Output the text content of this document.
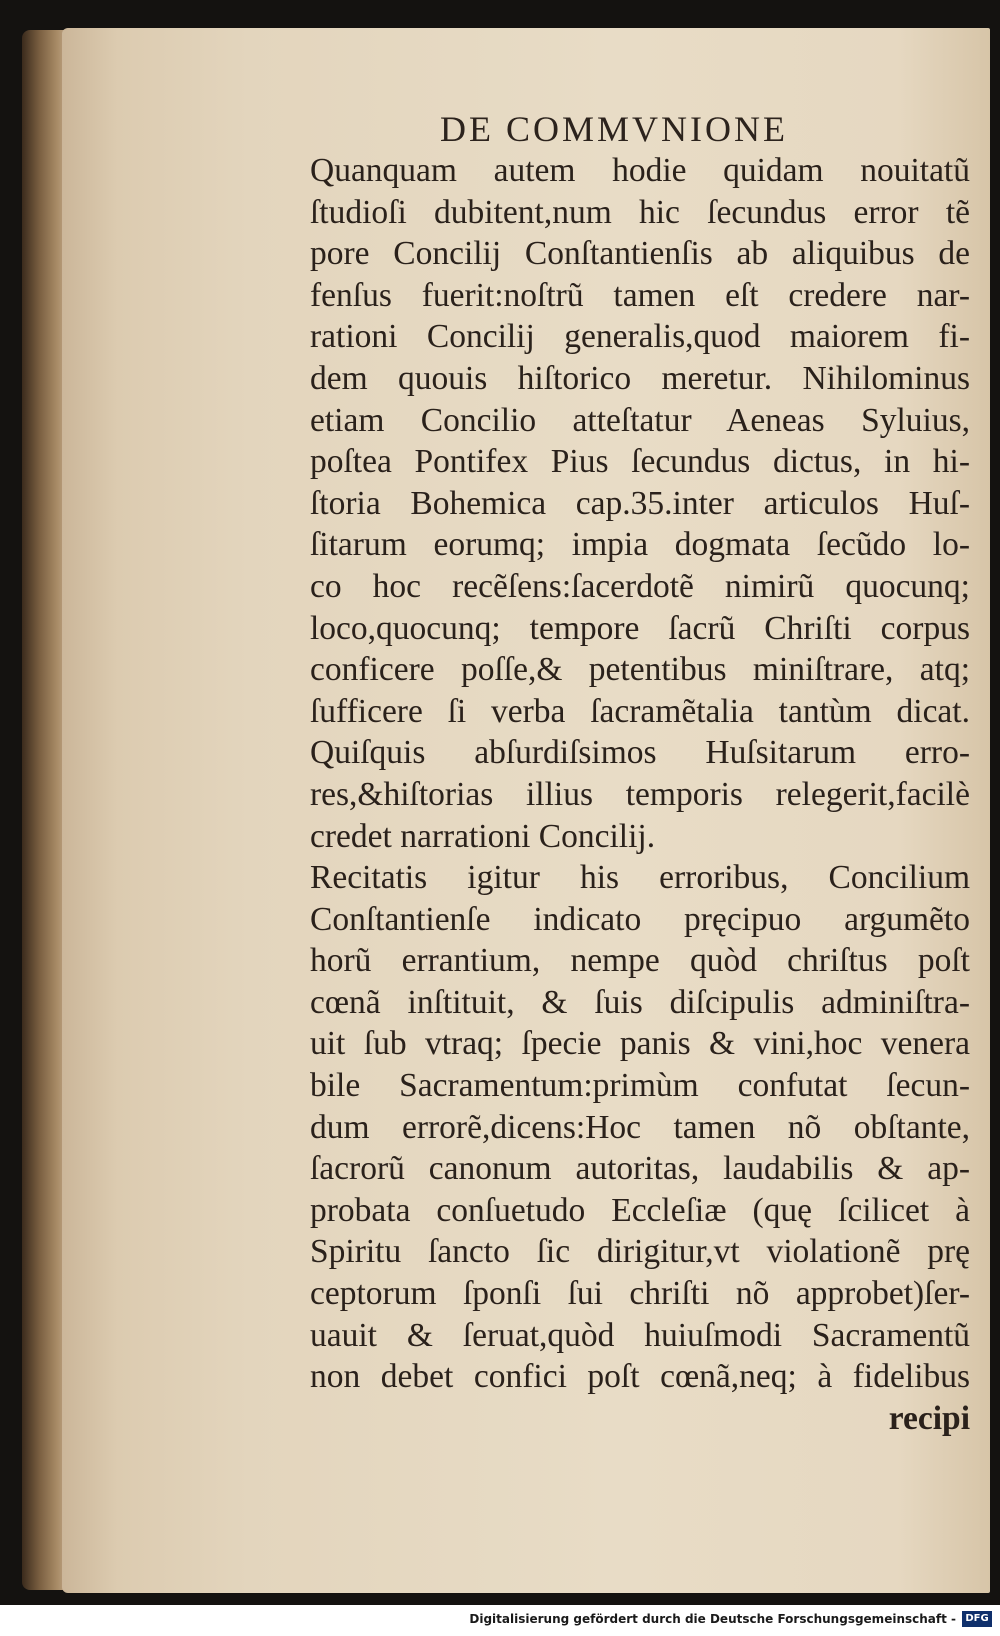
DE COMMVNIONE
Quanquam autem hodie quidam nouitatũ
ſtudioſi dubitent,num hic ſecundus error tẽ
pore Concilij Conſtantienſis ab aliquibus de
fenſus fuerit:noſtrũ tamen eſt credere nar-
rationi Concilij generalis,quod maiorem fi-
dem quouis hiſtorico meretur. Nihilominus
etiam Concilio atteſtatur Aeneas Syluius,
poſtea Pontifex Pius ſecundus dictus, in hi-
ſtoria Bohemica cap.35.inter articulos Huſ-
ſitarum eorumq; impia dogmata ſecũdo lo-
co hoc recẽſens:ſacerdotẽ nimirũ quocunq;
loco,quocunq; tempore ſacrũ Chriſti corpus
conficere poſſe,& petentibus miniſtrare, atq;
ſufficere ſi verba ſacramẽtalia tantùm dicat.
Quiſquis abſurdiſsimos Huſsitarum erro-
res,&hiſtorias illius temporis relegerit,facilè
credet narrationi Concilij.
Recitatis igitur his erroribus, Concilium
Conſtantienſe indicato pręcipuo argumẽto
horũ errantium, nempe quòd chriſtus poſt
cœnã inſtituit, & ſuis diſcipulis adminiſtra-
uit ſub vtraq; ſpecie panis & vini,hoc venera
bile Sacramentum:primùm confutat ſecun-
dum errorẽ,dicens:Hoc tamen nõ obſtante,
ſacrorũ canonum autoritas, laudabilis & ap-
probata conſuetudo Eccleſiæ (quę ſcilicet à
Spiritu ſancto ſic dirigitur,vt violationẽ prę
ceptorum ſponſi ſui chriſti nõ approbet)ſer-
uauit & ſeruat,quòd huiuſmodi Sacramentũ
non debet confici poſt cœnã,neq; à fidelibus
recipi
Digitalisierung gefördert durch die Deutsche Forschungsgemeinschaft - DFG
